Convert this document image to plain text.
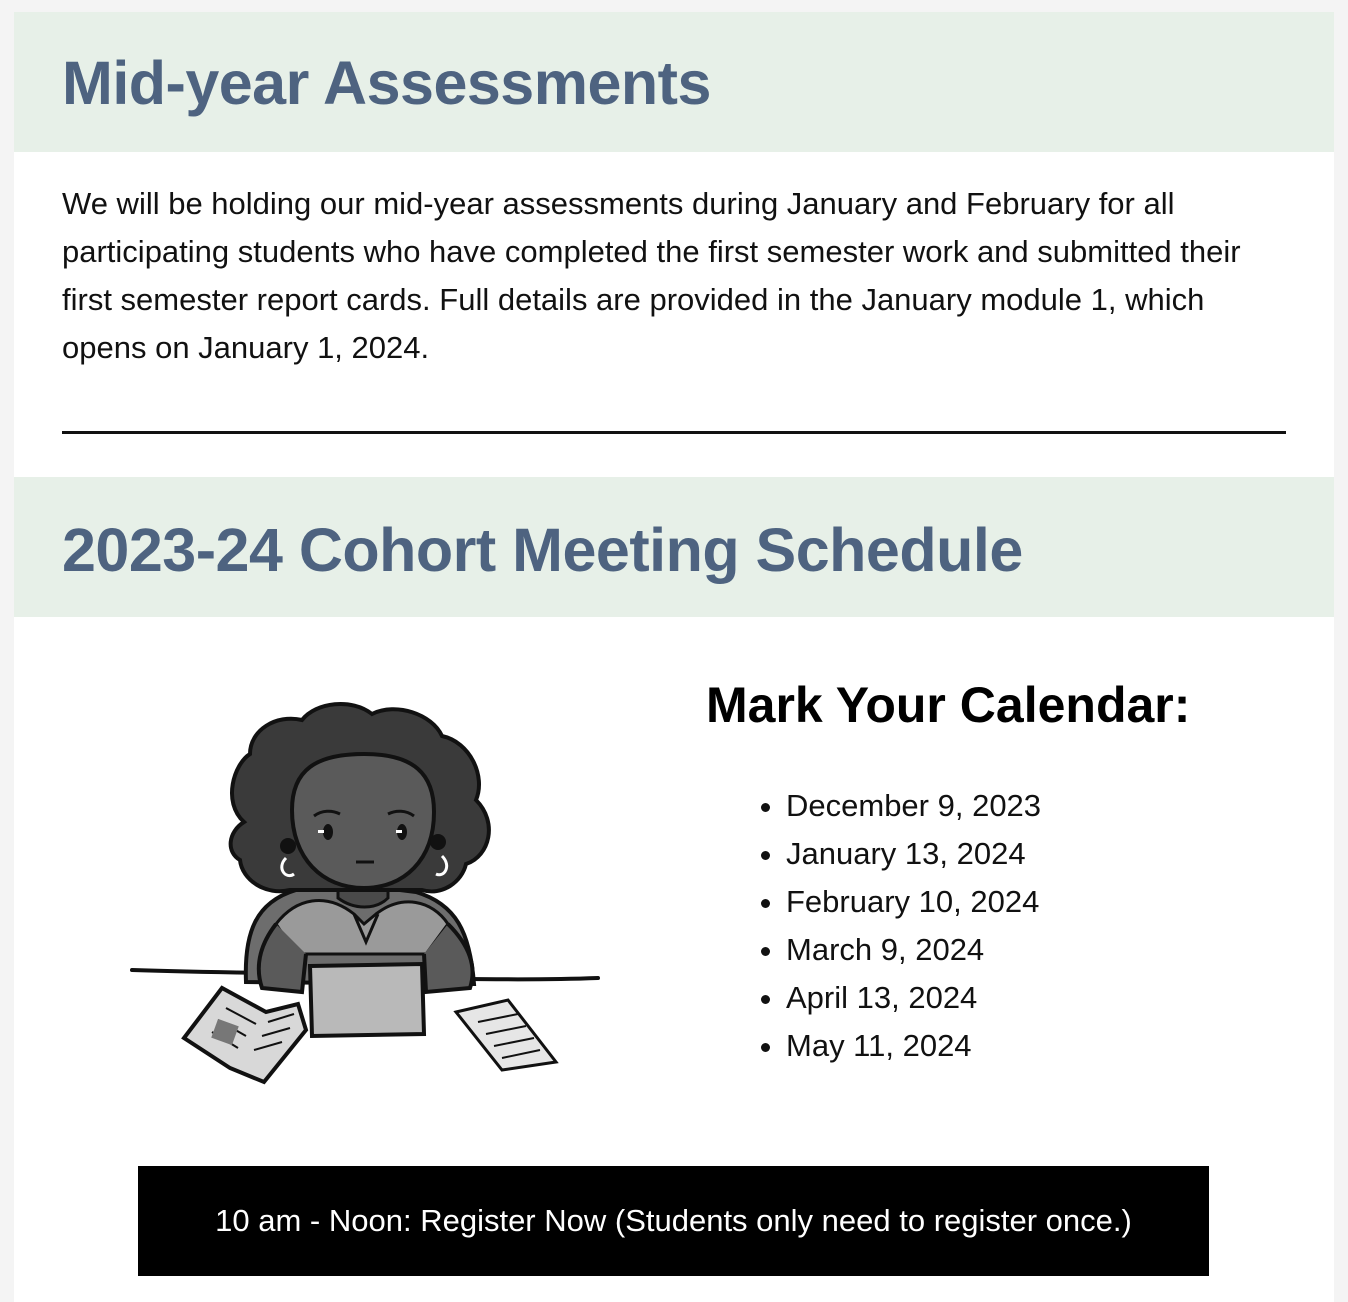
Mid-year Assessments

We will be holding our mid-year assessments during January and February for all participating students who have completed the first semester work and submitted their first semester report cards. Full details are provided in the January module 1, which opens on January 1, 2024.

2023-24 Cohort Meeting Schedule
Mark Your Calendar:
• December 9, 2023
• January 13, 2024
• February 10, 2024
• March 9, 2024
• April 13, 2024
• May 11, 2024
10 am - Noon: Register Now (Students only need to register once.)
